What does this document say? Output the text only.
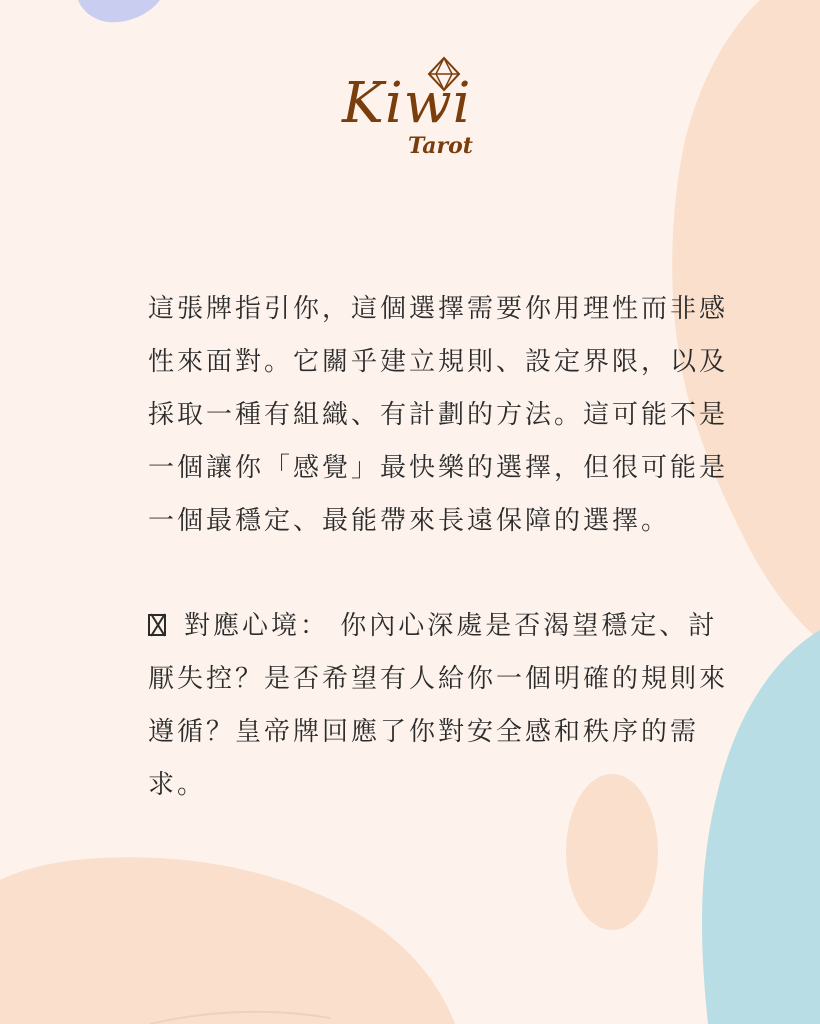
Kiwi
Tarot

這張牌指引你，這個選擇需要你用理性而非感性來面對。它關乎建立規則、設定界限，以及採取一種有組織、有計劃的方法。這可能不是一個讓你「感覺」最快樂的選擇，但很可能是一個最穩定、最能帶來長遠保障的選擇。

對應心境： 你內心深處是否渴望穩定、討厭失控？是否希望有人給你一個明確的規則來遵循？皇帝牌回應了你對安全感和秩序的需求。
